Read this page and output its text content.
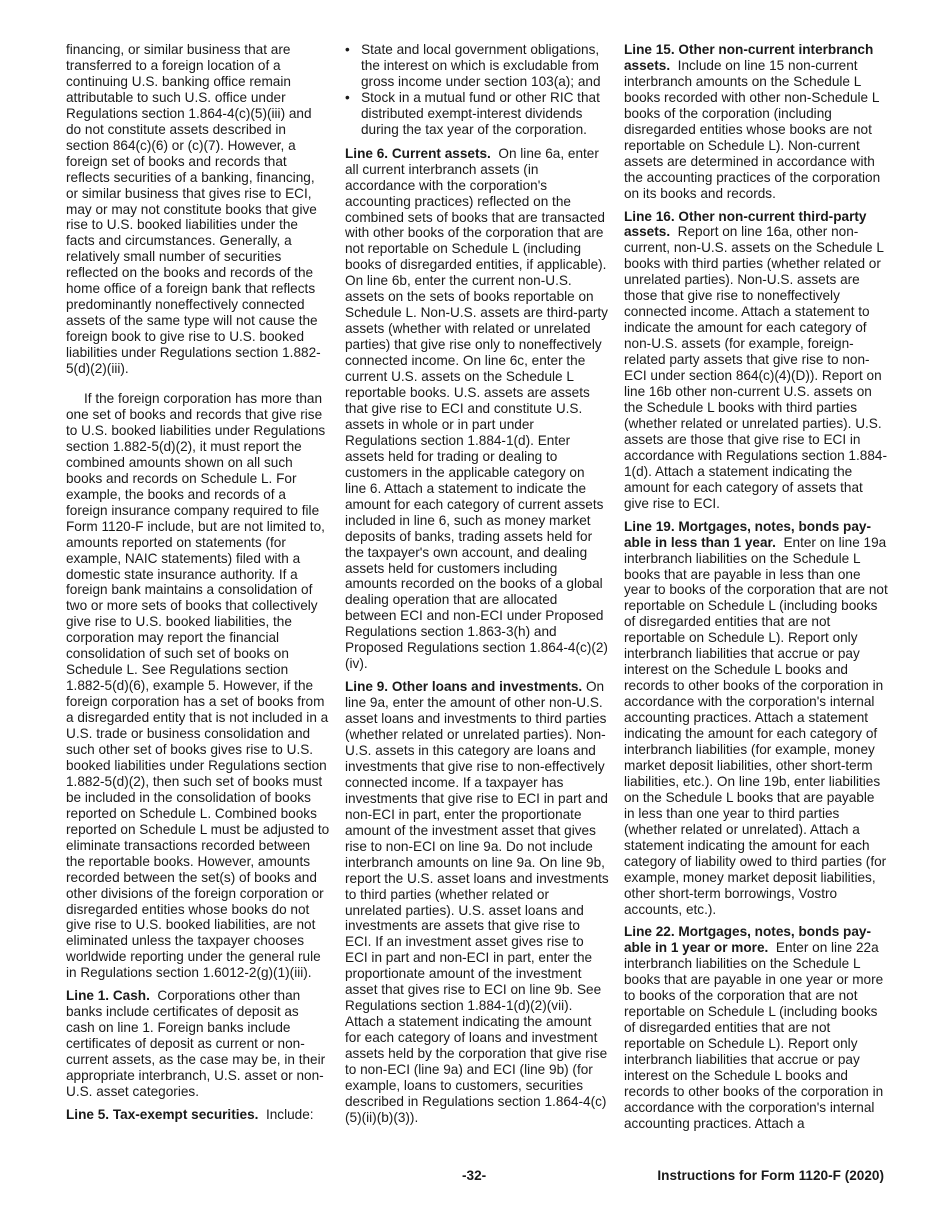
financing, or similar business that are transferred to a foreign location of a continuing U.S. banking office remain attributable to such U.S. office under Regulations section 1.864-4(c)(5)(iii) and do not constitute assets described in section 864(c)(6) or (c)(7). However, a foreign set of books and records that reflects securities of a banking, financing, or similar business that gives rise to ECI, may or may not constitute books that give rise to U.S. booked liabilities under the facts and circumstances. Generally, a relatively small number of securities reflected on the books and records of the home office of a foreign bank that reflects predominantly noneffectively connected assets of the same type will not cause the foreign book to give rise to U.S. booked liabilities under Regulations section 1.882-5(d)(2)(iii).

If the foreign corporation has more than one set of books and records that give rise to U.S. booked liabilities under Regulations section 1.882-5(d)(2), it must report the combined amounts shown on all such books and records on Schedule L. For example, the books and records of a foreign insurance company required to file Form 1120-F include, but are not limited to, amounts reported on statements (for example, NAIC statements) filed with a domestic state insurance authority. If a foreign bank maintains a consolidation of two or more sets of books that collectively give rise to U.S. booked liabilities, the corporation may report the financial consolidation of such set of books on Schedule L. See Regulations section 1.882-5(d)(6), example 5. However, if the foreign corporation has a set of books from a disregarded entity that is not included in a U.S. trade or business consolidation and such other set of books gives rise to U.S. booked liabilities under Regulations section 1.882-5(d)(2), then such set of books must be included in the consolidation of books reported on Schedule L. Combined books reported on Schedule L must be adjusted to eliminate transactions recorded between the reportable books. However, amounts recorded between the set(s) of books and other divisions of the foreign corporation or disregarded entities whose books do not give rise to U.S. booked liabilities, are not eliminated unless the taxpayer chooses worldwide reporting under the general rule in Regulations section 1.6012-2(g)(1)(iii).

Line 1. Cash. Corporations other than banks include certificates of deposit as cash on line 1. Foreign banks include certificates of deposit as current or non-current assets, as the case may be, in their appropriate interbranch, U.S. asset or non-U.S. asset categories.

Line 5. Tax-exempt securities. Include:

•   State and local government obligations, the interest on which is excludable from gross income under section 103(a); and
•   Stock in a mutual fund or other RIC that distributed exempt-interest dividends during the tax year of the corporation.

Line 6. Current assets. On line 6a, enter all current interbranch assets (in accordance with the corporation's accounting practices) reflected on the combined sets of books that are transacted with other books of the corporation that are not reportable on Schedule L (including books of disregarded entities, if applicable). On line 6b, enter the current non-U.S. assets on the sets of books reportable on Schedule L. Non-U.S. assets are third-party assets (whether with related or unrelated parties) that give rise only to noneffectively connected income. On line 6c, enter the current U.S. assets on the Schedule L reportable books. U.S. assets are assets that give rise to ECI and constitute U.S. assets in whole or in part under Regulations section 1.884-1(d). Enter assets held for trading or dealing to customers in the applicable category on line 6. Attach a statement to indicate the amount for each category of current assets included in line 6, such as money market deposits of banks, trading assets held for the taxpayer's own account, and dealing assets held for customers including amounts recorded on the books of a global dealing operation that are allocated between ECI and non-ECI under Proposed Regulations section 1.863-3(h) and Proposed Regulations section 1.864-4(c)(2)(iv).

Line 9. Other loans and investments. On line 9a, enter the amount of other non-U.S. asset loans and investments to third parties (whether related or unrelated parties). Non-U.S. assets in this category are loans and investments that give rise to non-effectively connected income. If a taxpayer has investments that give rise to ECI in part and non-ECI in part, enter the proportionate amount of the investment asset that gives rise to non-ECI on line 9a. Do not include interbranch amounts on line 9a. On line 9b, report the U.S. asset loans and investments to third parties (whether related or unrelated parties). U.S. asset loans and investments are assets that give rise to ECI. If an investment asset gives rise to ECI in part and non-ECI in part, enter the proportionate amount of the investment asset that gives rise to ECI on line 9b. See Regulations section 1.884-1(d)(2)(vii). Attach a statement indicating the amount for each category of loans and investment assets held by the corporation that give rise to non-ECI (line 9a) and ECI (line 9b) (for example, loans to customers, securities described in Regulations section 1.864-4(c)(5)(ii)(b)(3)).

Line 15. Other non-current interbranch assets. Include on line 15 non-current interbranch amounts on the Schedule L books recorded with other non-Schedule L books of the corporation (including disregarded entities whose books are not reportable on Schedule L). Non-current assets are determined in accordance with the accounting practices of the corporation on its books and records.

Line 16. Other non-current third-party assets. Report on line 16a, other non-current, non-U.S. assets on the Schedule L books with third parties (whether related or unrelated parties). Non-U.S. assets are those that give rise to noneffectively connected income. Attach a statement to indicate the amount for each category of non-U.S. assets (for example, foreign-related party assets that give rise to non-ECI under section 864(c)(4)(D)). Report on line 16b other non-current U.S. assets on the Schedule L books with third parties (whether related or unrelated parties). U.S. assets are those that give rise to ECI in accordance with Regulations section 1.884-1(d). Attach a statement indicating the amount for each category of assets that give rise to ECI.

Line 19. Mortgages, notes, bonds payable in less than 1 year. Enter on line 19a interbranch liabilities on the Schedule L books that are payable in less than one year to books of the corporation that are not reportable on Schedule L (including books of disregarded entities that are not reportable on Schedule L). Report only interbranch liabilities that accrue or pay interest on the Schedule L books and records to other books of the corporation in accordance with the corporation's internal accounting practices. Attach a statement indicating the amount for each category of interbranch liabilities (for example, money market deposit liabilities, other short-term liabilities, etc.). On line 19b, enter liabilities on the Schedule L books that are payable in less than one year to third parties (whether related or unrelated). Attach a statement indicating the amount for each category of liability owed to third parties (for example, money market deposit liabilities, other short-term borrowings, Vostro accounts, etc.).

Line 22. Mortgages, notes, bonds payable in 1 year or more. Enter on line 22a interbranch liabilities on the Schedule L books that are payable in one year or more to books of the corporation that are not reportable on Schedule L (including books of disregarded entities that are not reportable on Schedule L). Report only interbranch liabilities that accrue or pay interest on the Schedule L books and records to other books of the corporation in accordance with the corporation's internal accounting practices. Attach a

-32-	Instructions for Form 1120-F (2020)
